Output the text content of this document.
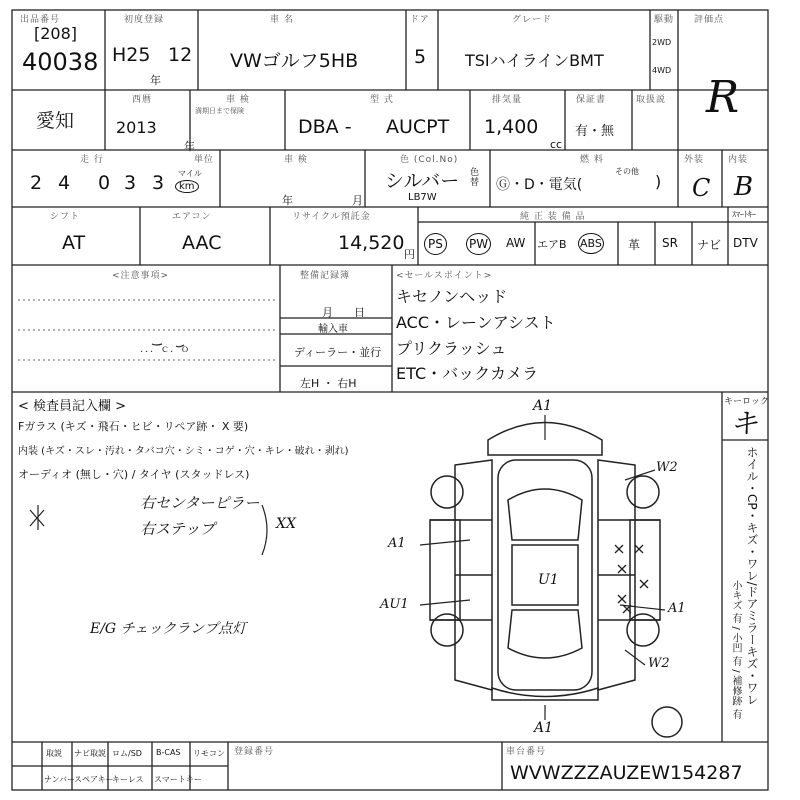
出品番号
[208]
40038
初度登録
H25 12
年
車 名
VWゴルフ5HB
ドア
5
グレード
TSIハイラインBMT
駆動
2WD
4WD
評価点
R
愛知
西暦
2013
年
車 検
満期日まで保険
型 式
DBA - AUCPT
排気量
1,400
cc
保証書
有・無
取扱説
走 行
2 4 0 3 3
単位
マイル
km
車 検
年	月
色 (Col.No)
シルバー
LB7W
色替
燃 料
Ⓖ・D・電気(
その他
)
外装
C
内装
B
シフト
AT
エアコン
AAC
リサイクル預託金
14,520
円
純 正 装 備 品	ｽﾏｰﾄｷｰ
PS	PW AW エアB ABS 革 SR ナビ DTV
<注意事項>
．．．ｃ．ｏ
整備記録簿
月 日
輸入車
ディーラー・並行
左H ・ 右H
<セールスポイント>
キセノンヘッド
ACC・レーンアシスト
プリクラッシュ
ETC・バックカメラ
< 検査員記入欄 >
Fガラス (キズ・飛石・ヒビ・リペア跡・ X 要)
内装 (キズ・スレ・汚れ・タバコ穴・シミ・コゲ・穴・キレ・破れ・剥れ)
オーディオ (無し・穴) / タイヤ (スタッドレス)
右センターピラー
右ステップ	XX
E/G チェックランプ点灯
キーロック
キ
ホイル・CP・キズ・ワレ/ドアミラーキズ・ワレ
小キズ 有 / 小凹 有 / 補修跡 有
A1
A1
U1
A1
AU1	A1
W2
W2
取説 ナビ取説 ロム/SD B-CAS リモコン
ナンバー
スペアキー
キーレス スマートキー
登録番号	車台番号
WVWZZZAUZEW154287
